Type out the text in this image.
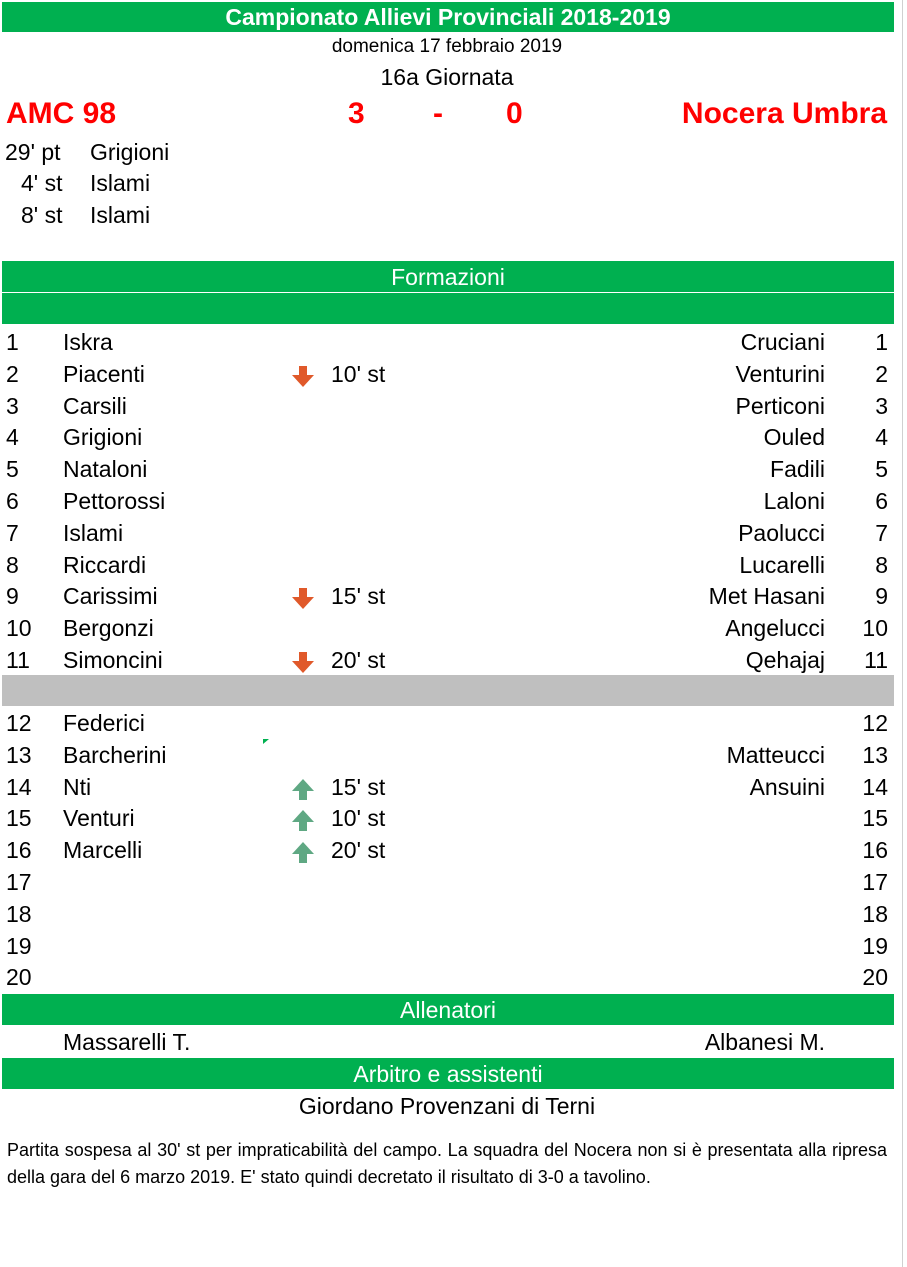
Campionato Allievi Provinciali 2018-2019
domenica 17 febbraio 2019
16a Giornata
AMC 98	3 - 0	Nocera Umbra
29' pt Grigioni
4' st Islami
8' st Islami
Formazioni
1 Iskra	Cruciani 1
2 Piacenti	10' st	Venturini 2
3 Carsili	Perticoni 3
4 Grigioni	Ouled 4
5 Nataloni	Fadili 5
6 Pettorossi	Laloni 6
7 Islami	Paolucci 7
8 Riccardi	Lucarelli 8
9 Carissimi	15' st	Met Hasani 9
10 Bergonzi	Angelucci 10
11 Simoncini	20' st	Qehajaj 11
12 Federici	12
13 Barcherini	Matteucci 13
14 Nti	15' st	Ansuini 14
15 Venturi	10' st	15
16 Marcelli	20' st	16
17	17
18	18
19	19
20	20
Allenatori
Massarelli T.	Albanesi M.
Arbitro e assistenti
Giordano Provenzani di Terni
Partita sospesa al 30' st per impraticabilità del campo. La squadra del Nocera non si è presentata alla ripresa della gara del 6 marzo 2019. E' stato quindi decretato il risultato di 3-0 a tavolino.
